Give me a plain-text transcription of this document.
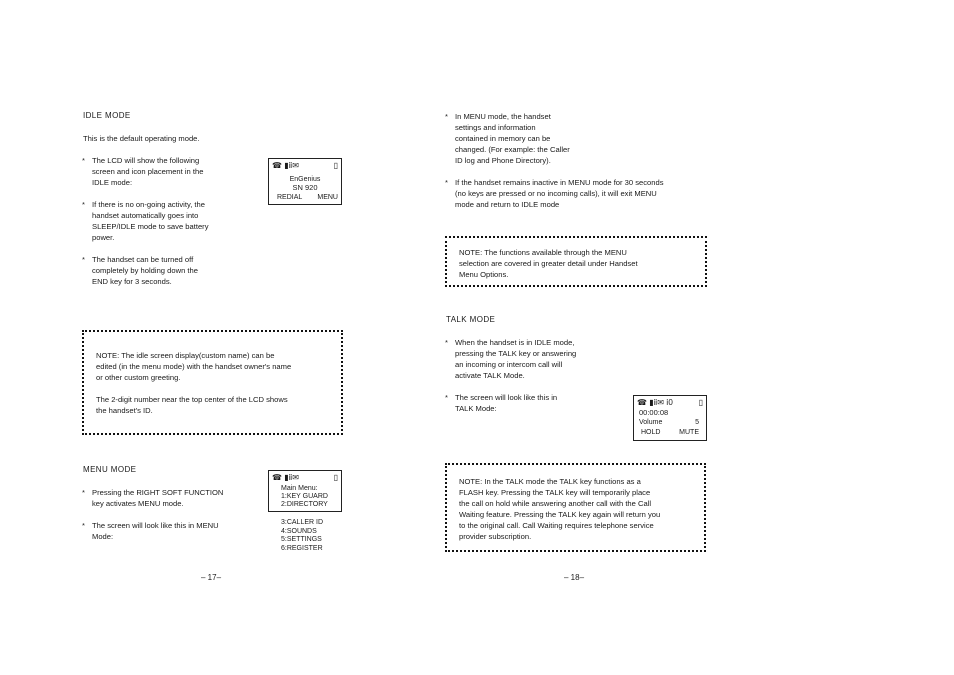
IDLE MODE
This is the default operating mode.
* The LCD will show the following
screen and icon placement in the
IDLE mode:
* If there is no on-going activity, the
handset automatically goes into
SLEEP/IDLE mode to save battery
power.
* The handset can be turned off
completely by holding down the
END key for 3 seconds.
☎ ▮ⅱ✉	▯
EnGenius
SN 920
REDIAL MENU
NOTE: The idle screen display(custom name) can be
edited (in the menu mode) with the handset owner's name
or other custom greeting.
The 2-digit number near the top center of the LCD shows
the handset's ID.
MENU MODE
* Pressing the RIGHT SOFT FUNCTION
key activates MENU mode.
* The screen will look like this in MENU
Mode:
☎ ▮ⅱ✉	▯
Main Menu:
1:KEY GUARD
2:DIRECTORY
3:CALLER ID
4:SOUNDS
5:SETTINGS
6:REGISTER
– 17–
* In MENU mode, the handset
settings and information
contained in memory can be
changed. (For example: the Caller
ID log and Phone Directory).
* If the handset remains inactive in MENU mode for 30 seconds
(no keys are pressed or no incoming calls), it will exit MENU
mode and return to IDLE mode
NOTE: The functions available through the MENU
selection are covered in greater detail under Handset
Menu Options.
TALK MODE
* When the handset is in IDLE mode,
pressing the TALK key or answering
an incoming or intercom call will
activate TALK Mode.
* The screen will look like this in
TALK Mode:
☎ ▮ⅱ✉ ⅰ0	▯
00:00:08
Volume	5
HOLD	MUTE
NOTE: In the TALK mode the TALK key functions as a
FLASH key. Pressing the TALK key will temporarily place
the call on hold while answering another call with the Call
Waiting feature. Pressing the TALK key again will return you
to the original call. Call Waiting requires telephone service
provider subscription.
– 18–
